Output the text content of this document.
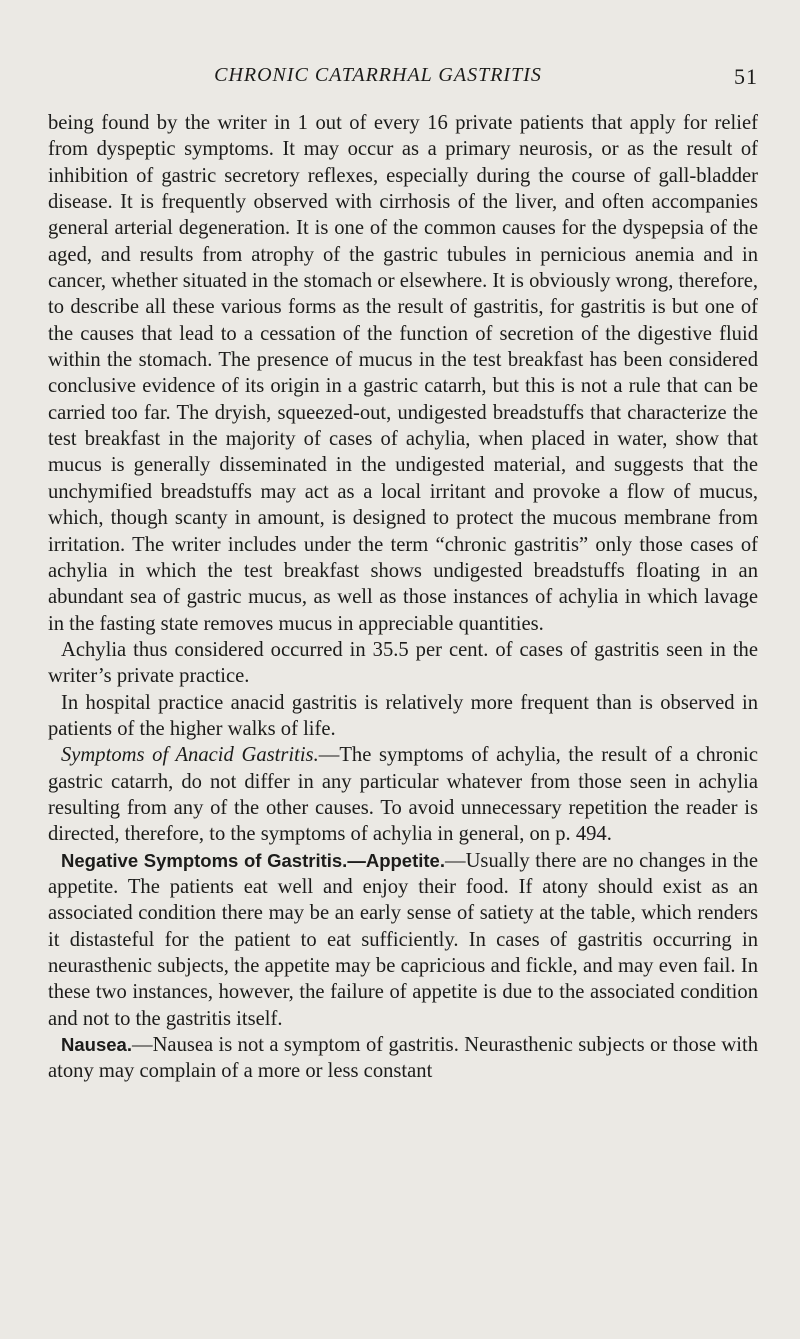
CHRONIC CATARRHAL GASTRITIS	51

being found by the writer in 1 out of every 16 private patients that apply for relief from dyspeptic symptoms. It may occur as a primary neurosis, or as the result of inhibition of gastric secretory reflexes, especially during the course of gall-bladder disease. It is frequently observed with cirrhosis of the liver, and often accompanies general arterial degeneration. It is one of the common causes for the dyspepsia of the aged, and results from atrophy of the gastric tubules in pernicious anemia and in cancer, whether situated in the stomach or elsewhere. It is obviously wrong, therefore, to describe all these various forms as the result of gastritis, for gastritis is but one of the causes that lead to a cessation of the function of secretion of the digestive fluid within the stomach. The presence of mucus in the test breakfast has been considered conclusive evidence of its origin in a gastric catarrh, but this is not a rule that can be carried too far. The dryish, squeezed-out, undigested breadstuffs that characterize the test breakfast in the majority of cases of achylia, when placed in water, show that mucus is generally disseminated in the undigested material, and suggests that the unchymified breadstuffs may act as a local irritant and provoke a flow of mucus, which, though scanty in amount, is designed to protect the mucous membrane from irritation. The writer includes under the term “chronic gastritis” only those cases of achylia in which the test breakfast shows undigested breadstuffs floating in an abundant sea of gastric mucus, as well as those instances of achylia in which lavage in the fasting state removes mucus in appreciable quantities.

Achylia thus considered occurred in 35.5 per cent. of cases of gastritis seen in the writer’s private practice.

In hospital practice anacid gastritis is relatively more frequent than is observed in patients of the higher walks of life.

Symptoms of Anacid Gastritis.—The symptoms of achylia, the result of a chronic gastric catarrh, do not differ in any particular whatever from those seen in achylia resulting from any of the other causes. To avoid unnecessary repetition the reader is directed, therefore, to the symptoms of achylia in general, on p. 494.

Negative Symptoms of Gastritis.—Appetite.—Usually there are no changes in the appetite. The patients eat well and enjoy their food. If atony should exist as an associated condition there may be an early sense of satiety at the table, which renders it distasteful for the patient to eat sufficiently. In cases of gastritis occurring in neurasthenic subjects, the appetite may be capricious and fickle, and may even fail. In these two instances, however, the failure of appetite is due to the associated condition and not to the gastritis itself.

Nausea.—Nausea is not a symptom of gastritis. Neurasthenic subjects or those with atony may complain of a more or less constant
